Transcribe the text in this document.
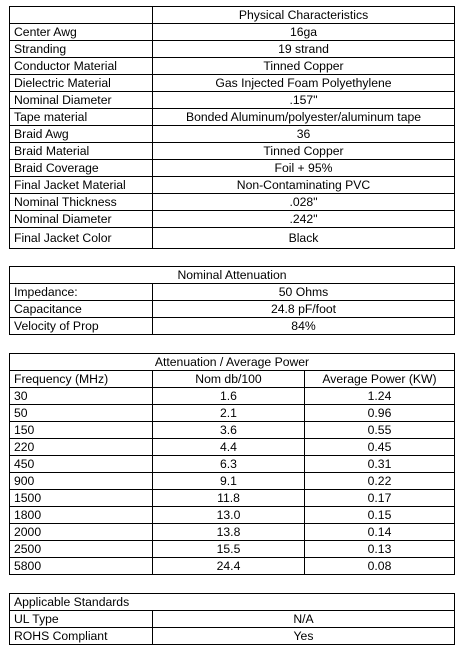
	Physical Characteristics
Center Awg	16ga
Stranding	19 strand
Conductor Material	Tinned Copper
Dielectric Material	Gas Injected Foam Polyethylene
Nominal Diameter	.157"
Tape material	Bonded Aluminum/polyester/aluminum tape
Braid Awg	36
Braid Material	Tinned Copper
Braid Coverage	Foil + 95%
Final Jacket Material	Non-Contaminating PVC
Nominal Thickness	.028"
Nominal Diameter	.242"
Final Jacket Color	Black
Nominal Attenuation	
Impedance:	50 Ohms
Capacitance	24.8 pF/foot
Velocity of Prop	84%
Attenuation / Average Power		
Frequency (MHz)	Nom db/100	Average Power (KW)
30	1.6	1.24
50	2.1	0.96
150	3.6	0.55
220	4.4	0.45
450	6.3	0.31
900	9.1	0.22
1500	11.8	0.17
1800	13.0	0.15
2000	13.8	0.14
2500	15.5	0.13
5800	24.4	0.08
Applicable Standards	
UL Type	N/A
ROHS Compliant	Yes
